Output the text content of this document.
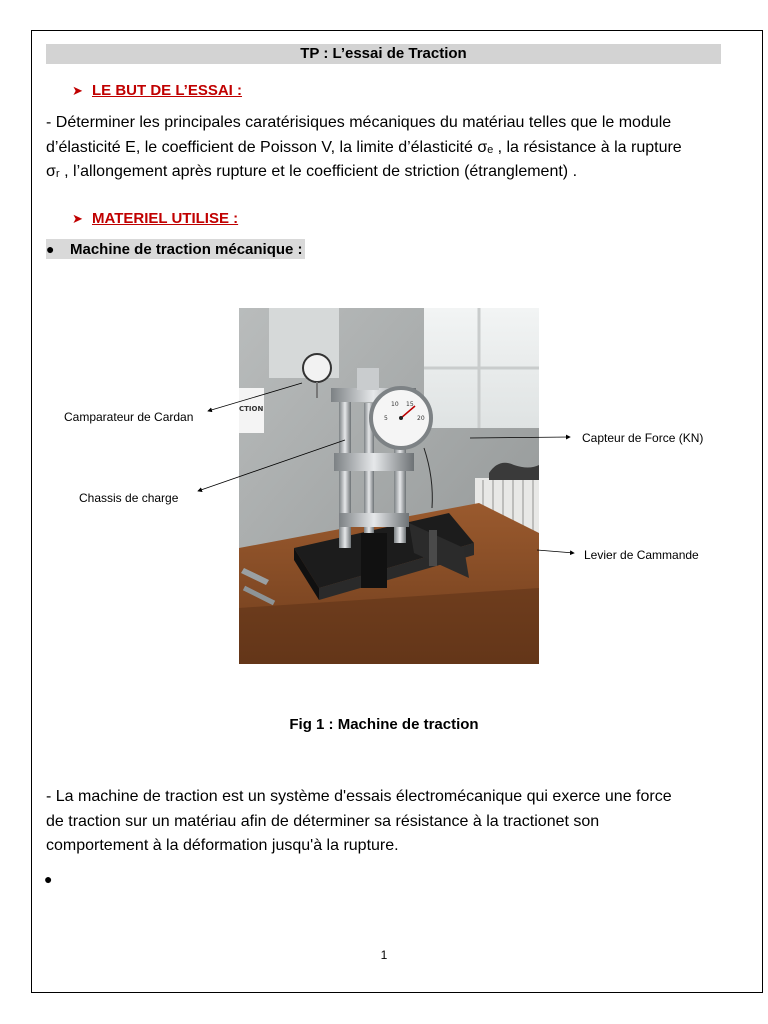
TP : L’essai de Traction
➤ LE BUT DE L’ESSAI :
- Déterminer les principales caratérisiques mécaniques du matériau telles que le module
d’élasticité E, le coefficient de Poisson V, la limite d’élasticité σₑ , la résistance à la rupture
σᵣ , l’allongement après rupture et le coefficient de striction (étranglement) .
➤ MATERIEL UTILISE :
●	Machine de traction mécanique :
CTION
10 15
5	20
Camparateur de Cardan
Capteur de Force (KN)
Chassis de charge
Levier de Cammande
Fig 1 : Machine de traction
- La machine de traction est un système d'essais électromécanique qui exerce une force
de traction sur un matériau afin de déterminer sa résistance à la tractionet son
comportement à la déformation jusqu'à la rupture.
●
1
